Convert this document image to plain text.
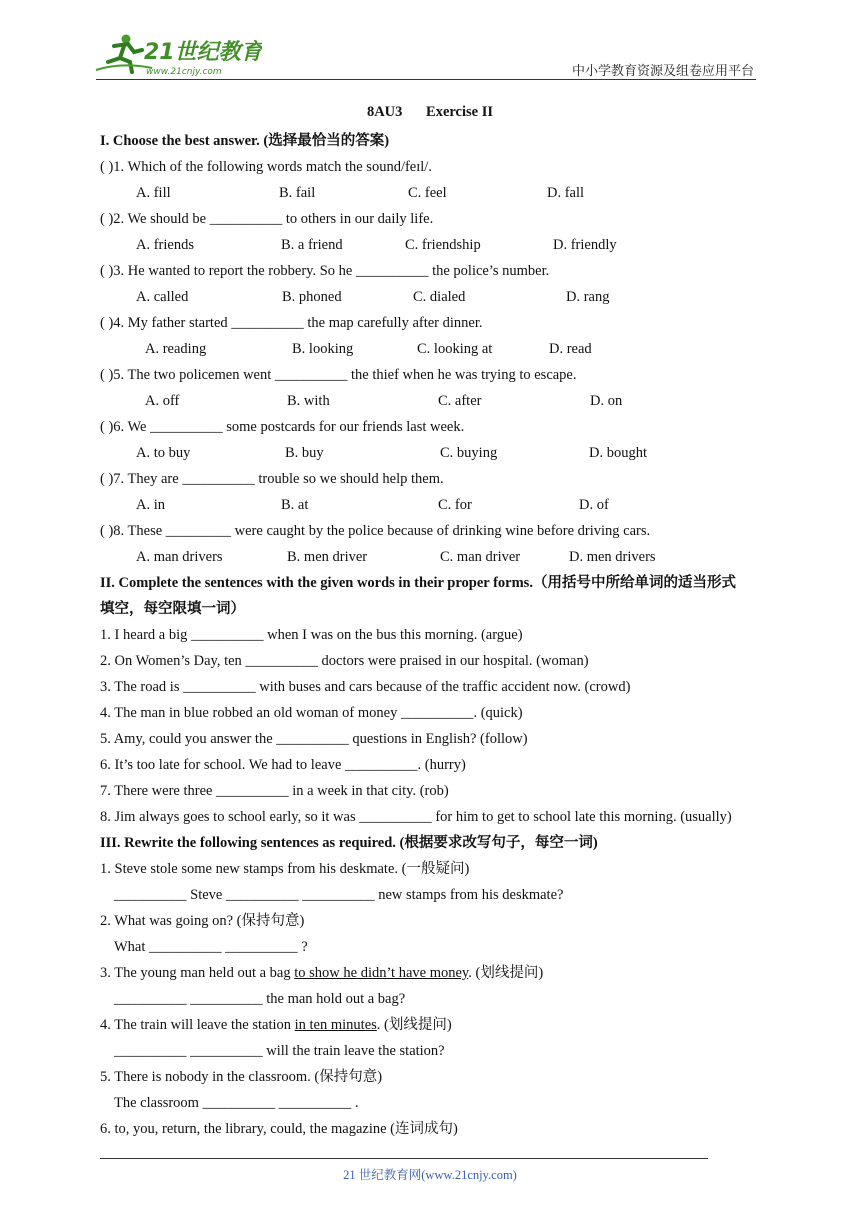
21世纪教育
www.21cnjy.com	中小学教育资源及组卷应用平台
8AU3 Exercise II
I. Choose the best answer. (选择最恰当的答案)
( )1. Which of the following words match the sound/feɪl/.
A. fill	B. fail	C. feel	D. fall
( )2. We should be __________ to others in our daily life.
A. friends	B. a friend	C. friendship	D. friendly
( )3. He wanted to report the robbery. So he __________ the police’s number.
A. called	B. phoned	C. dialed	D. rang
( )4. My father started __________ the map carefully after dinner.
A. reading	B. looking	C. looking at	D. read
( )5. The two policemen went __________ the thief when he was trying to escape.
A. off	B. with	C. after	D. on
( )6. We __________ some postcards for our friends last week.
A. to buy	B. buy	C. buying	D. bought
( )7. They are __________ trouble so we should help them.
A. in	B. at	C. for	D. of
( )8. These _________ were caught by the police because of drinking wine before driving cars.
A. man drivers	B. men driver	C. man driver	D. men drivers
II. Complete the sentences with the given words in their proper forms.（用括号中所给单词的适当形式
填空，每空限填一词）
1. I heard a big __________ when I was on the bus this morning. (argue)
2. On Women’s Day, ten __________ doctors were praised in our hospital. (woman)
3. The road is __________ with buses and cars because of the traffic accident now. (crowd)
4. The man in blue robbed an old woman of money __________. (quick)
5. Amy, could you answer the __________ questions in English? (follow)
6. It’s too late for school. We had to leave __________. (hurry)
7. There were three __________ in a week in that city. (rob)
8. Jim always goes to school early, so it was __________ for him to get to school late this morning. (usually)
III. Rewrite the following sentences as required. (根据要求改写句子，每空一词)
1. Steve stole some new stamps from his deskmate. (一般疑问)
__________ Steve __________ __________ new stamps from his deskmate?
2. What was going on? (保持句意)
What __________ __________ ?
3. The young man held out a bag to show he didn’t have money. (划线提问)
__________ __________ the man hold out a bag?
4. The train will leave the station in ten minutes. (划线提问)
__________ __________ will the train leave the station?
5. There is nobody in the classroom. (保持句意)
The classroom __________ __________ .
6. to, you, return, the library, could, the magazine (连词成句)
21 世纪教育网(www.21cnjy.com)
